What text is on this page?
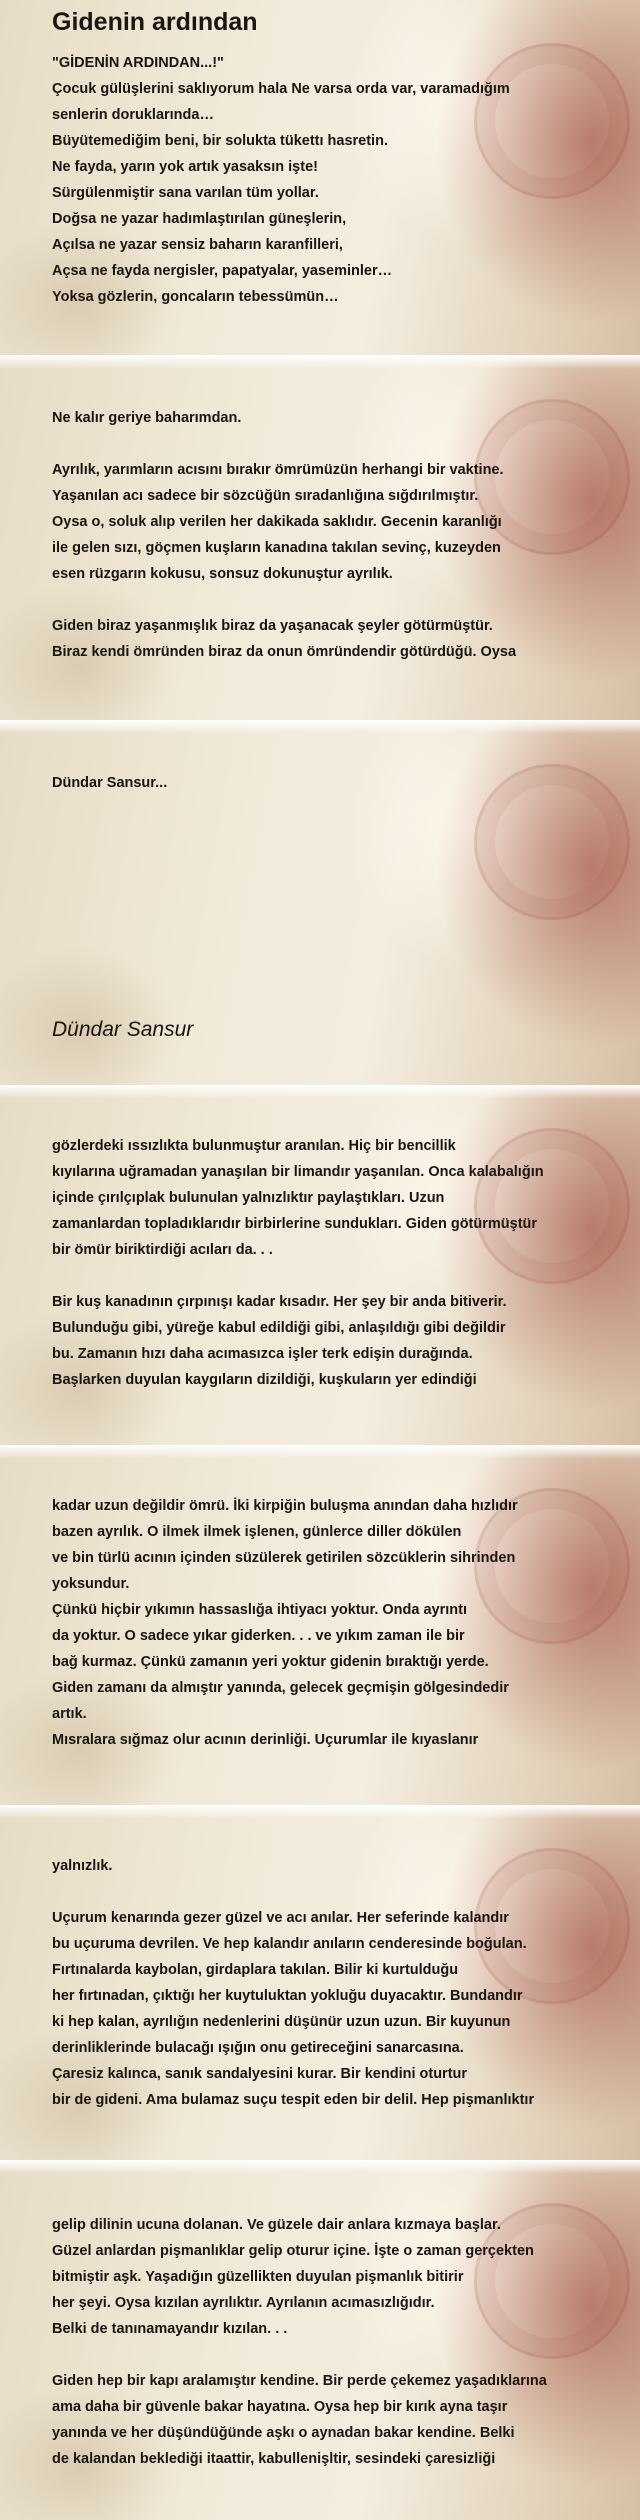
Gidenin ardından
"GİDENİN ARDINDAN...!"
Çocuk gülüşlerini saklıyorum hala Ne varsa orda var, varamadığım
senlerin doruklarında…
Büyütemediğim beni, bir solukta tükettı hasretin.
Ne fayda, yarın yok artık yasaksın işte!
Sürgülenmiştir sana varılan tüm yollar.
Doğsa ne yazar hadımlaştırılan güneşlerin,
Açılsa ne yazar sensiz baharın karanfilleri,
Açsa ne fayda nergisler, papatyalar, yaseminler…
Yoksa gözlerin, goncaların tebessümün…
Ne kalır geriye baharımdan.
Ayrılık, yarımların acısını bırakır ömrümüzün herhangi bir vaktine.
Yaşanılan acı sadece bir sözcüğün sıradanlığına sığdırılmıştır.
Oysa o, soluk alıp verilen her dakikada saklıdır. Gecenin karanlığı
ile gelen sızı, göçmen kuşların kanadına takılan sevinç, kuzeyden
esen rüzgarın kokusu, sonsuz dokunuştur ayrılık.
Giden biraz yaşanmışlık biraz da yaşanacak şeyler götürmüştür.
Biraz kendi ömründen biraz da onun ömründendir götürdüğü. Oysa
Dündar Sansur...
Dündar Sansur
gözlerdeki ıssızlıkta bulunmuştur aranılan. Hiç bir bencillik
kıyılarına uğramadan yanaşılan bir limandır yaşanılan. Onca kalabalığın
içinde çırılçıplak bulunulan yalnızlıktır paylaştıkları. Uzun
zamanlardan topladıklarıdır birbirlerine sundukları. Giden götürmüştür
bir ömür biriktirdiği acıları da. . .
Bir kuş kanadının çırpınışı kadar kısadır. Her şey bir anda bitiverir.
Bulunduğu gibi, yüreğe kabul edildiği gibi, anlaşıldığı gibi değildir
bu. Zamanın hızı daha acımasızca işler terk edişin durağında.
Başlarken duyulan kaygıların dizildiği, kuşkuların yer edindiği
kadar uzun değildir ömrü. İki kirpiğin buluşma anından daha hızlıdır
bazen ayrılık. O ilmek ilmek işlenen, günlerce diller dökülen
ve bin türlü acının içinden süzülerek getirilen sözcüklerin sihrinden
yoksundur.
Çünkü hiçbir yıkımın hassaslığa ihtiyacı yoktur. Onda ayrıntı
da yoktur. O sadece yıkar giderken. . . ve yıkım zaman ile bir
bağ kurmaz. Çünkü zamanın yeri yoktur gidenin bıraktığı yerde.
Giden zamanı da almıştır yanında, gelecek geçmişin gölgesindedir
artık.
Mısralara sığmaz olur acının derinliği. Uçurumlar ile kıyaslanır
yalnızlık.
Uçurum kenarında gezer güzel ve acı anılar. Her seferinde kalandır
bu uçuruma devrilen. Ve hep kalandır anıların cenderesinde boğulan.
Fırtınalarda kaybolan, girdaplara takılan. Bilir ki kurtulduğu
her fırtınadan, çıktığı her kuytuluktan yokluğu duyacaktır. Bundandır
ki hep kalan, ayrılığın nedenlerini düşünür uzun uzun. Bir kuyunun
derinliklerinde bulacağı ışığın onu getireceğini sanarcasına.
Çaresiz kalınca, sanık sandalyesini kurar. Bir kendini oturtur
bir de gideni. Ama bulamaz suçu tespit eden bir delil. Hep pişmanlıktır
gelip dilinin ucuna dolanan. Ve güzele dair anlara kızmaya başlar.
Güzel anlardan pişmanlıklar gelip oturur içine. İşte o zaman gerçekten
bitmiştir aşk. Yaşadığın güzellikten duyulan pişmanlık bitirir
her şeyi. Oysa kızılan ayrılıktır. Ayrılanın acımasızlığıdır.
Belki de tanınamayandır kızılan. . .
Giden hep bir kapı aralamıştır kendine. Bir perde çekemez yaşadıklarına
ama daha bir güvenle bakar hayatına. Oysa hep bir kırık ayna taşır
yanında ve her düşündüğünde aşkı o aynadan bakar kendine. Belki
de kalandan beklediği itaattir, kabullenişltir, sesindeki çaresizliği
